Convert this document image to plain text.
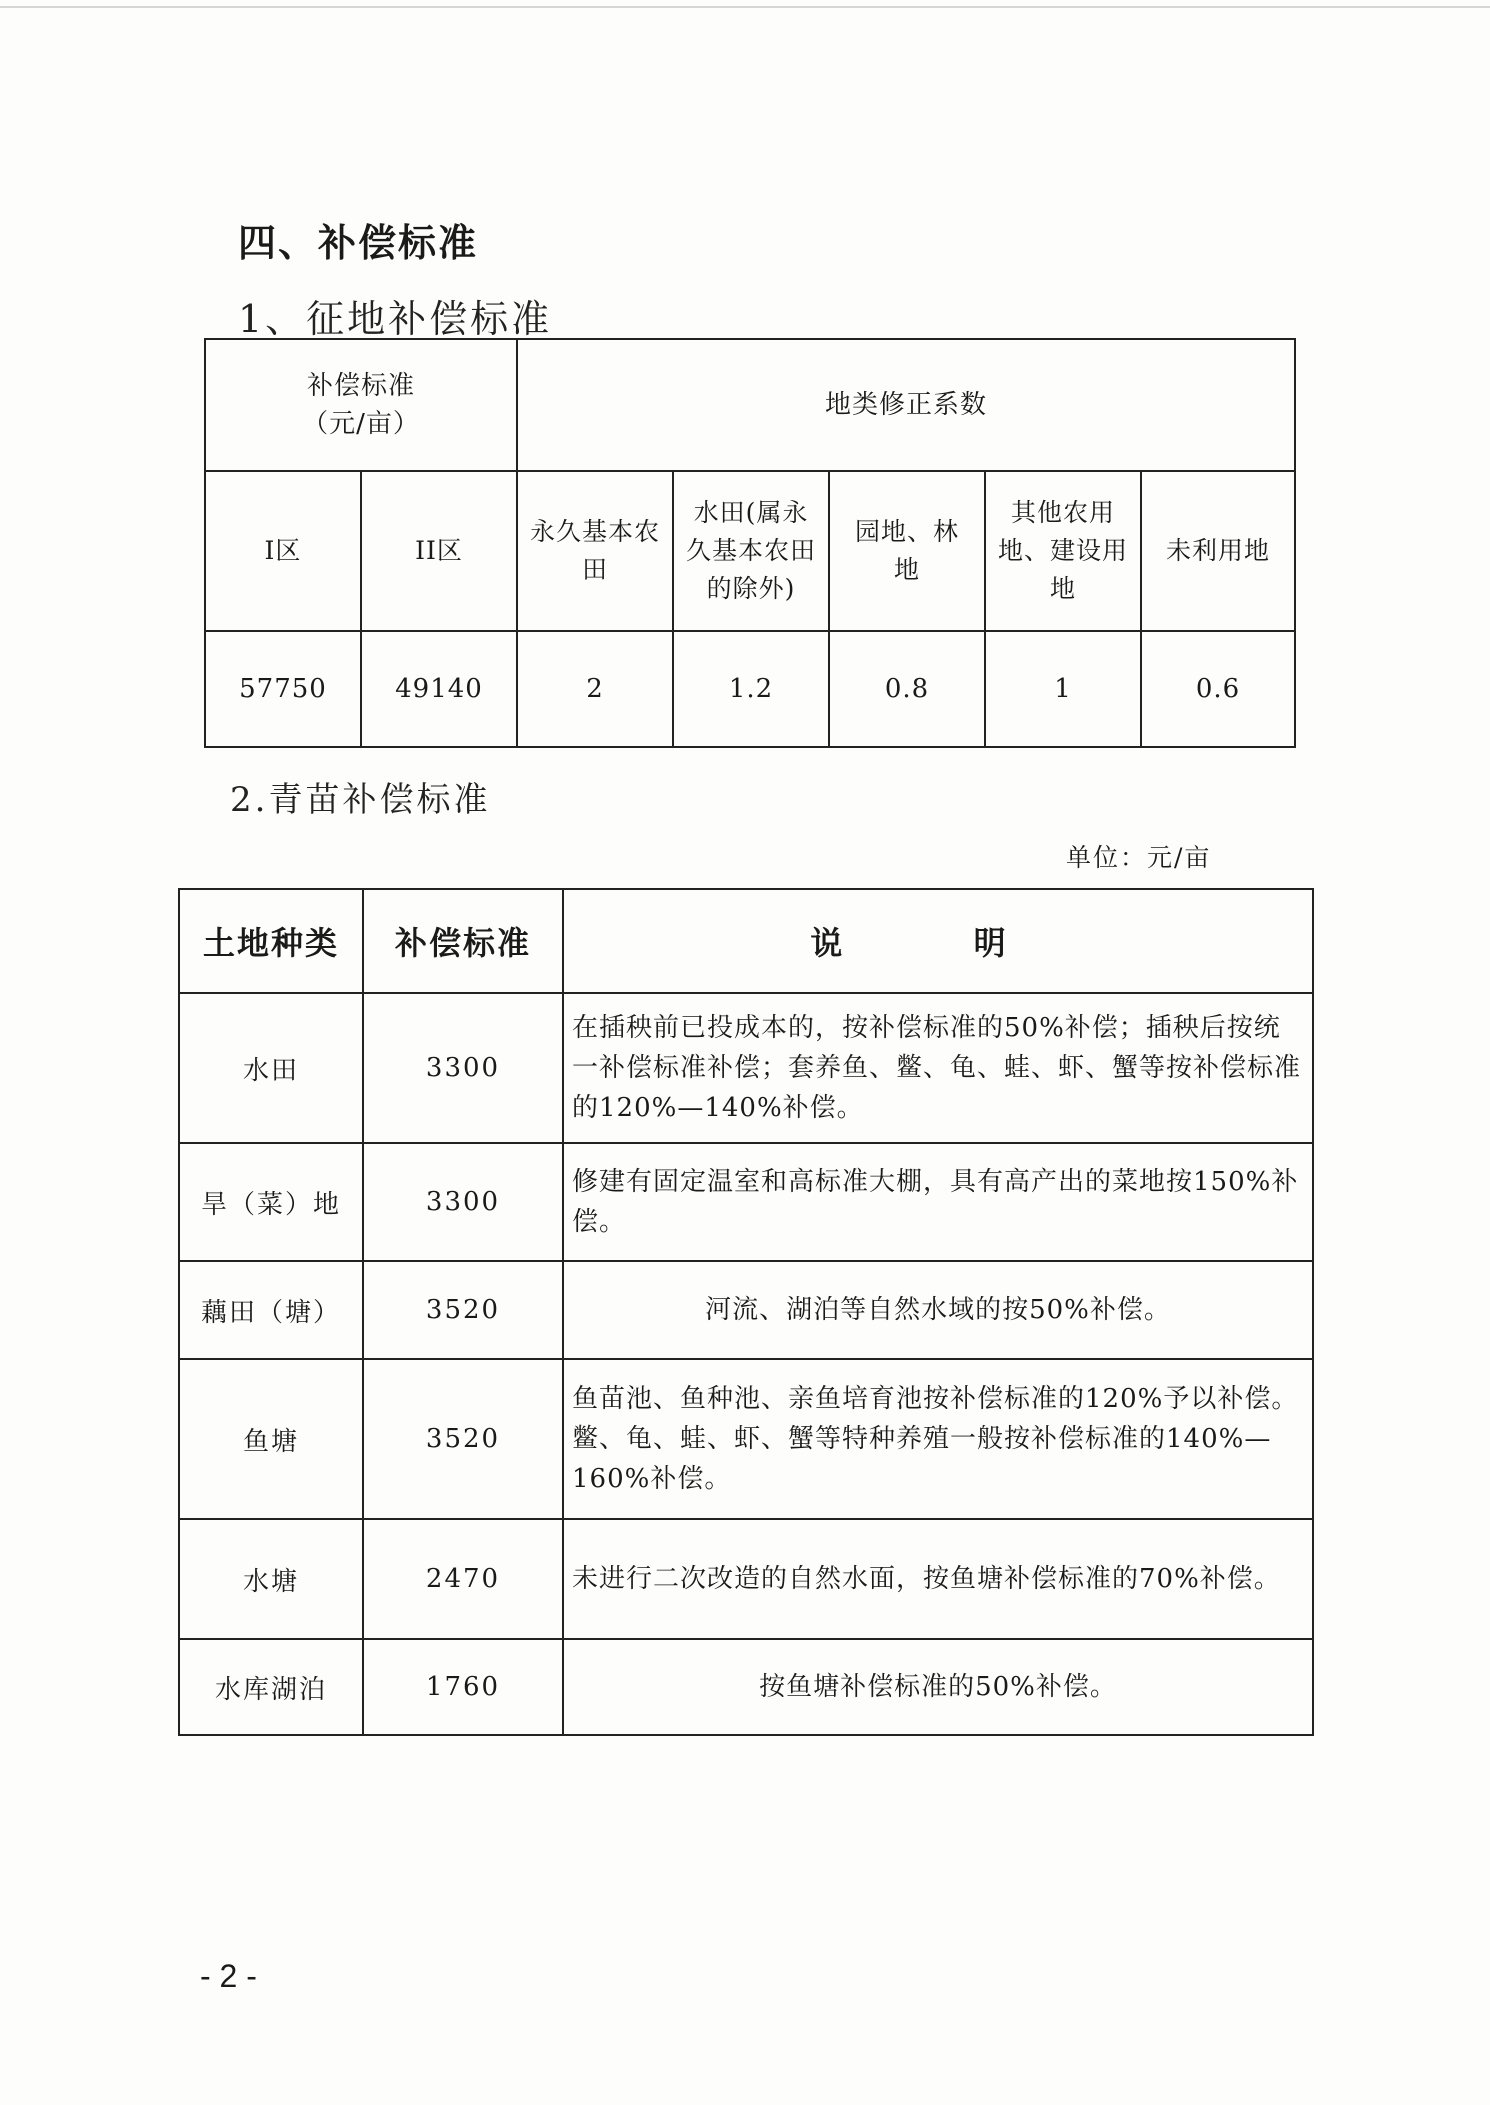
四、补偿标准
1、征地补偿标准
补偿标准
（元/亩）		地类修正系数				
I区	II区	永久基本农田	水田(属永久基本农田的除外)	园地、林地	其他农用地、建设用地	未利用地
57750	49140	2	1.2	0.8	1	0.6
2.青苗补偿标准
单位：元/亩
土地种类	补偿标准	说 明
水田	3300	在插秧前已投成本的，按补偿标准的50%补偿；插秧后按统一补偿标准补偿；套养鱼、鳖、龟、蛙、虾、蟹等按补偿标准的120%—140%补偿。
旱（菜）地	3300	修建有固定温室和高标准大棚，具有高产出的菜地按150%补偿。
藕田（塘）	3520	河流、湖泊等自然水域的按50%补偿。
鱼塘	3520	鱼苗池、鱼种池、亲鱼培育池按补偿标准的120%予以补偿。鳖、龟、蛙、虾、蟹等特种养殖一般按补偿标准的140%—160%补偿。
水塘	2470	未进行二次改造的自然水面，按鱼塘补偿标准的70%补偿。
水库湖泊	1760	按鱼塘补偿标准的50%补偿。
- 2 -
